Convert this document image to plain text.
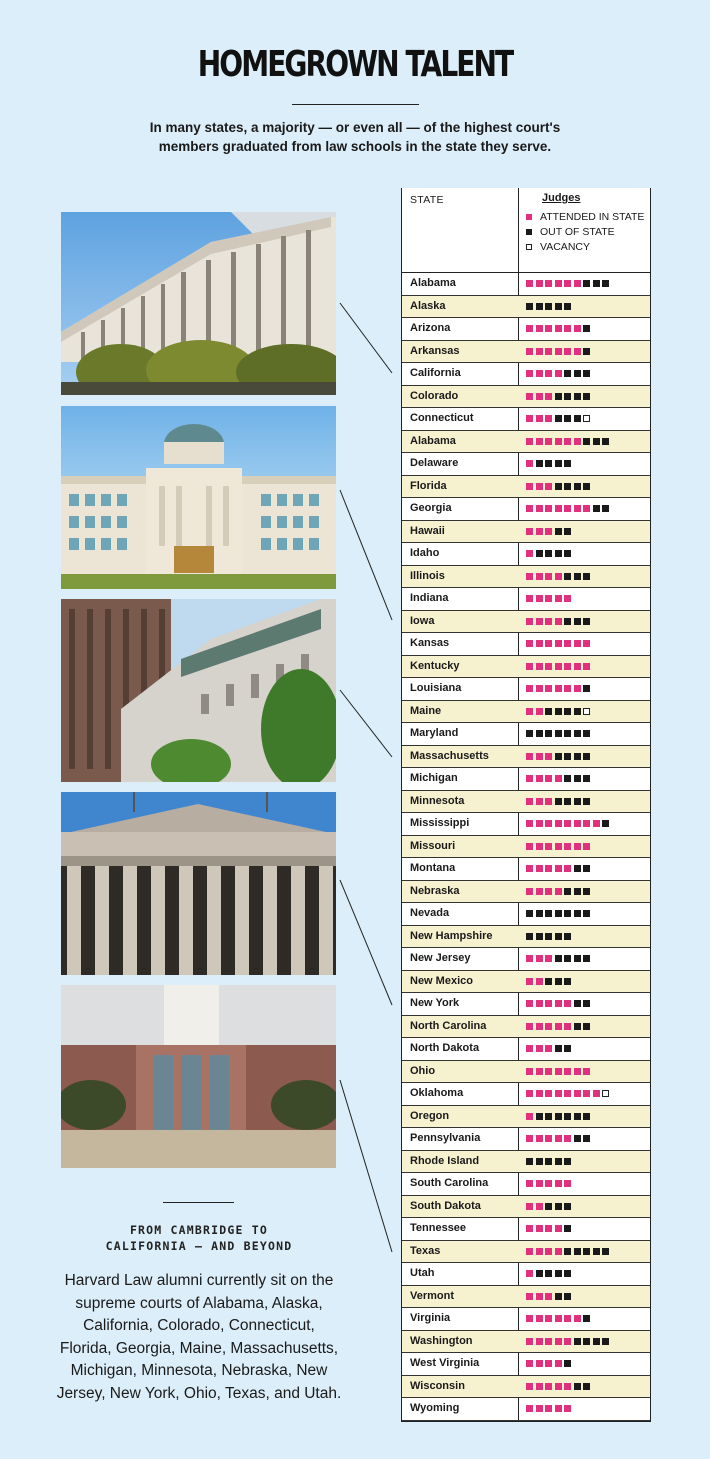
HOMEGROWN TALENT
In many states, a majority — or even all — of the highest court's
members graduated from law schools in the state they serve.
FROM CAMBRIDGE TO
CALIFORNIA — AND BEYOND
Harvard Law alumni currently sit on the supreme courts of Alabama, Alaska, California, Colorado, Connecticut, Florida, Georgia, Maine, Massachusetts, Michigan, Minnesota, Nebraska, New Jersey, New York, Ohio, Texas, and Utah.
STATE	Judges
ATTENDED IN STATE
OUT OF STATE
VACANCY
Alabama
Alaska
Arizona
Arkansas
California
Colorado
Connecticut
Alabama
Delaware
Florida
Georgia
Hawaii
Idaho
Illinois
Indiana
Iowa
Kansas
Kentucky
Louisiana
Maine
Maryland
Massachusetts
Michigan
Minnesota
Mississippi
Missouri
Montana
Nebraska
Nevada
New Hampshire
New Jersey
New Mexico
New York
North Carolina
North Dakota
Ohio
Oklahoma
Oregon
Pennsylvania
Rhode Island
South Carolina
South Dakota
Tennessee
Texas
Utah
Vermont
Virginia
Washington
West Virginia
Wisconsin
Wyoming
